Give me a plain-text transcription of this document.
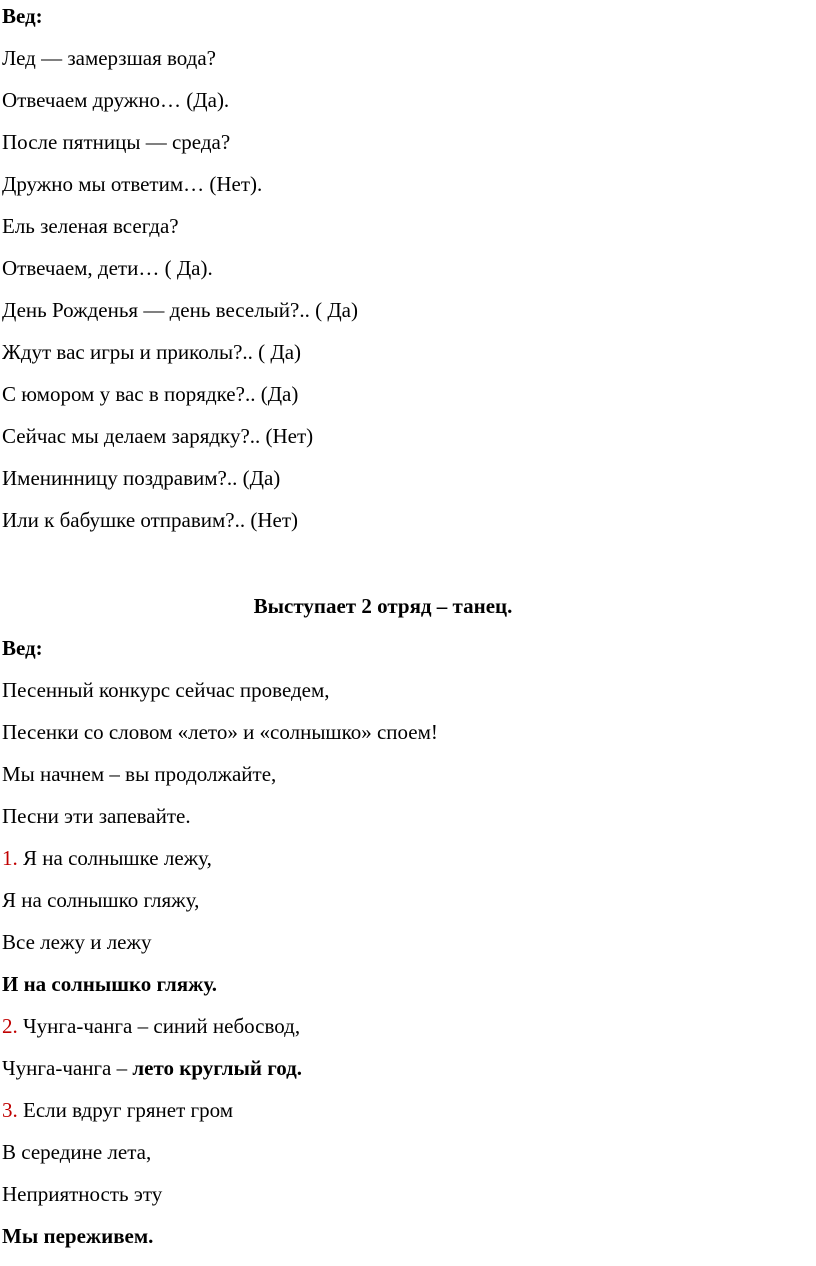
Вед:
Лед — замерзшая вода?
Отвечаем дружно… (Да).
После пятницы — среда?
Дружно мы ответим… (Нет).
Ель зеленая всегда?
Отвечаем, дети… ( Да).
День Рожденья — день веселый?.. ( Да)
Ждут вас игры и приколы?.. ( Да)
С юмором у вас в порядке?.. (Да)
Сейчас мы делаем зарядку?.. (Нет)
Именинницу поздравим?.. (Да)
Или к бабушке отправим?.. (Нет)
Выступает 2 отряд – танец.
Вед:
Песенный конкурс сейчас проведем,
Песенки со словом «лето» и «солнышко» споем!
Мы начнем – вы продолжайте,
Песни эти запевайте.
1. Я на солнышке лежу,
Я на солнышко гляжу,
Все лежу и лежу
И на солнышко гляжу.
2. Чунга-чанга – синий небосвод,
Чунга-чанга – лето круглый год.
3. Если вдруг грянет гром
В середине лета,
Неприятность эту
Мы переживем.
